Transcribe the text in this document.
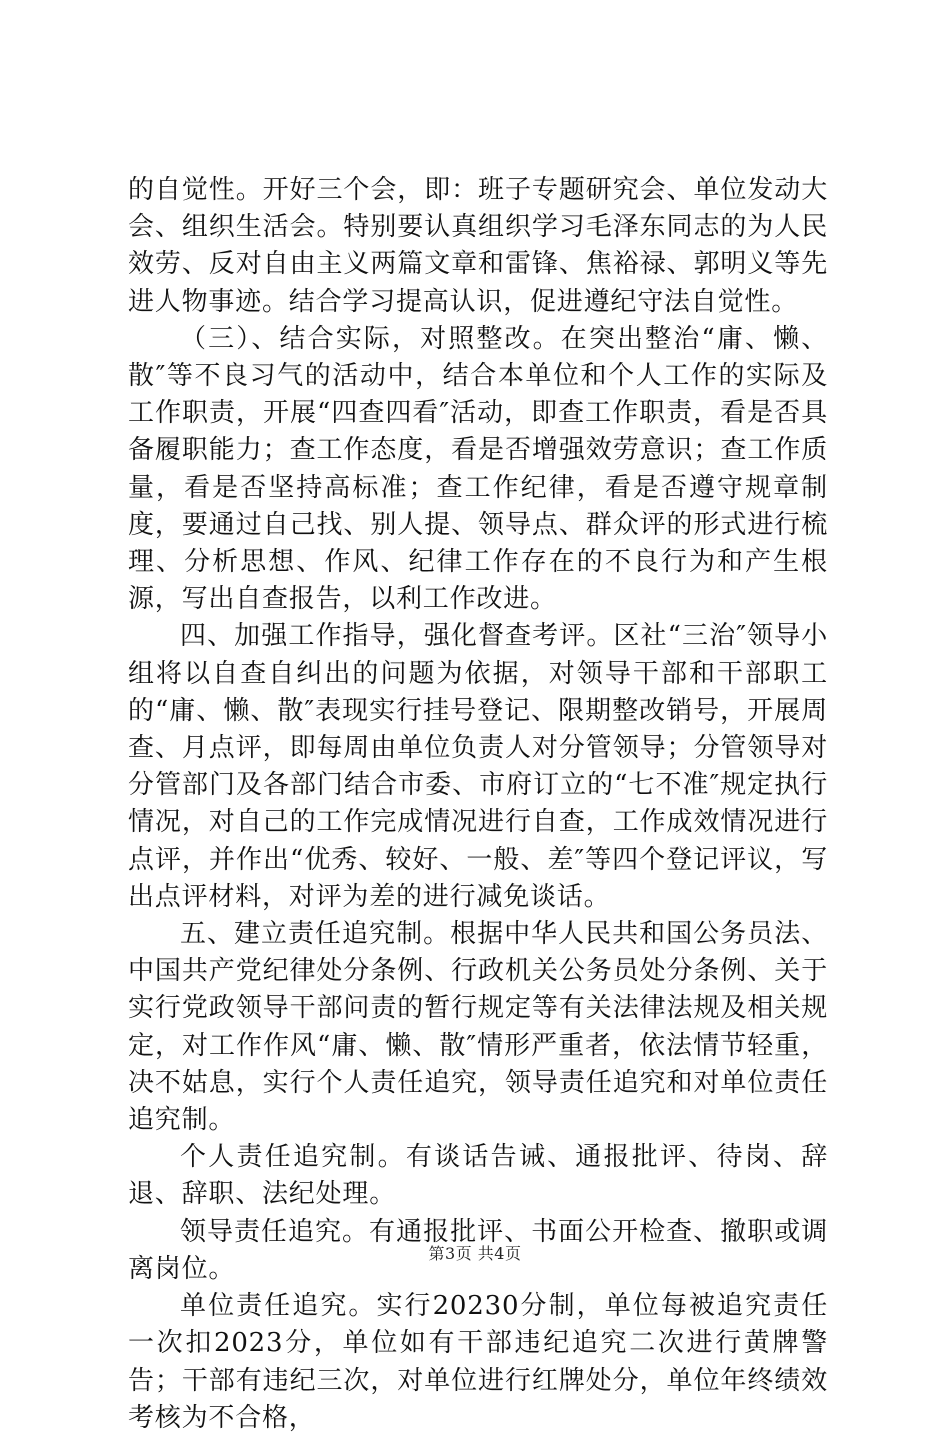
的自觉性。开好三个会，即：班子专题研究会、单位发动大会、组织生活会。特别要认真组织学习毛泽东同志的为人民效劳、反对自由主义两篇文章和雷锋、焦裕禄、郭明义等先进人物事迹。结合学习提高认识，促进遵纪守法自觉性。

（三）、结合实际，对照整改。在突出整治“庸、懒、散″等不良习气的活动中，结合本单位和个人工作的实际及工作职责，开展“四查四看″活动，即查工作职责，看是否具备履职能力；查工作态度，看是否增强效劳意识；查工作质量，看是否坚持高标准；查工作纪律，看是否遵守规章制度，要通过自己找、别人提、领导点、群众评的形式进行梳理、分析思想、作风、纪律工作存在的不良行为和产生根源，写出自查报告，以利工作改进。

四、加强工作指导，强化督查考评。区社“三治″领导小组将以自查自纠出的问题为依据，对领导干部和干部职工的“庸、懒、散″表现实行挂号登记、限期整改销号，开展周查、月点评，即每周由单位负责人对分管领导；分管领导对分管部门及各部门结合市委、市府订立的“七不准″规定执行情况，对自己的工作完成情况进行自查，工作成效情况进行点评，并作出“优秀、较好、一般、差″等四个登记评议，写出点评材料，对评为差的进行减免谈话。

五、建立责任追究制。根据中华人民共和国公务员法、中国共产党纪律处分条例、行政机关公务员处分条例、关于实行党政领导干部问责的暂行规定等有关法律法规及相关规定，对工作作风“庸、懒、散″情形严重者，依法情节轻重，决不姑息，实行个人责任追究，领导责任追究和对单位责任追究制。

个人责任追究制。有谈话告诫、通报批评、待岗、辞退、辞职、法纪处理。

领导责任追究。有通报批评、书面公开检查、撤职或调离岗位。

单位责任追究。实行20230分制，单位每被追究责任一次扣2023分，单位如有干部违纪追究二次进行黄牌警告；干部有违纪三次，对单位进行红牌处分，单位年终绩效考核为不合格，

第3页 共4页
